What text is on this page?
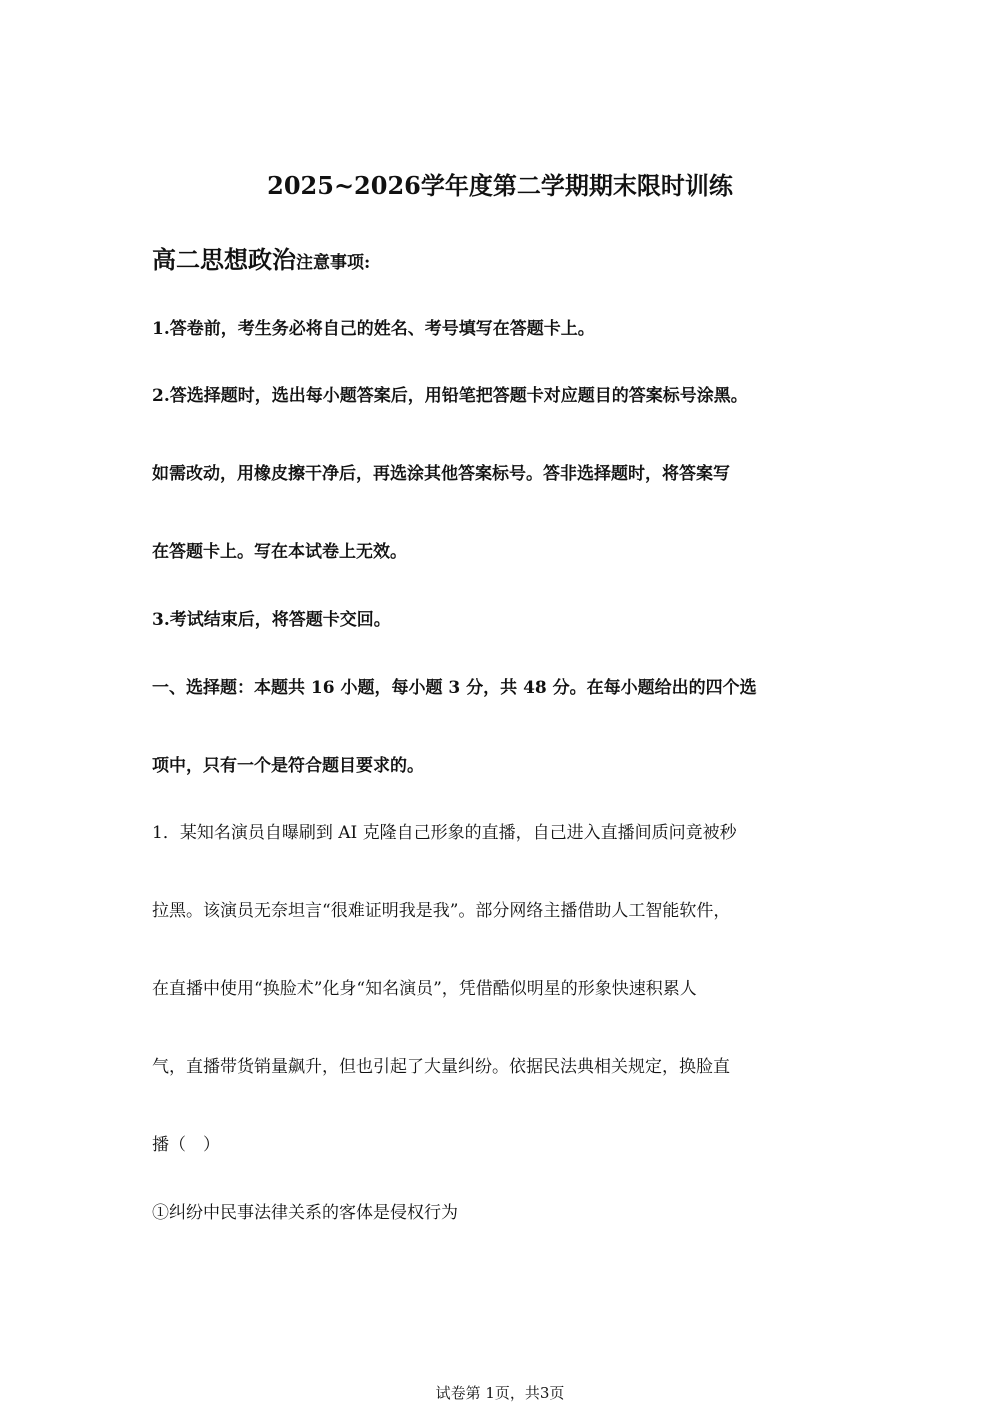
2025~2026学年度第二学期期末限时训练
高二思想政治注意事项:
1.答卷前，考生务必将自己的姓名、考号填写在答题卡上。
2.答选择题时，选出每小题答案后，用铅笔把答题卡对应题目的答案标号涂黑。
如需改动，用橡皮擦干净后，再选涂其他答案标号。答非选择题时，将答案写
在答题卡上。写在本试卷上无效。
3.考试结束后，将答题卡交回。
一、选择题：本题共 16 小题，每小题 3 分，共 48 分。在每小题给出的四个选
项中，只有一个是符合题目要求的。
1．某知名演员自曝刷到 AI 克隆自己形象的直播，自己进入直播间质问竟被秒
拉黑。该演员无奈坦言“很难证明我是我”。部分网络主播借助人工智能软件，
在直播中使用“换脸术”化身“知名演员”，凭借酷似明星的形象快速积累人
气，直播带货销量飙升，但也引起了大量纠纷。依据民法典相关规定，换脸直
播（　）
①纠纷中民事法律关系的客体是侵权行为
试卷第 1页，共3页
